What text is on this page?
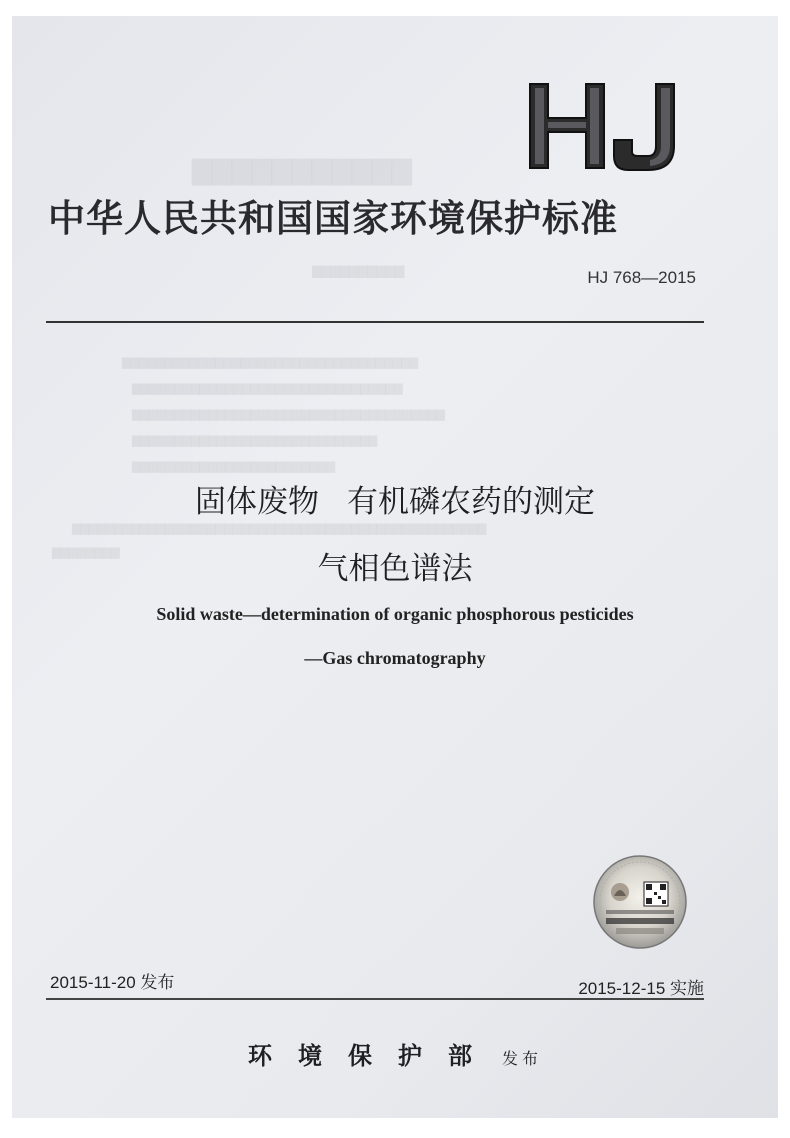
中华人民共和国国家环境保护标准
HJ 768—2015
▇▇▇▇▇▇▇▇▇▇▇
▇▇▇▇▇▇▇▇▇▇
▇▇▇▇▇▇▇▇▇▇▇▇▇▇▇▇▇▇▇▇▇▇▇▇▇▇▇▇▇▇▇▇▇▇▇
▇▇▇▇▇▇▇▇▇▇▇▇▇▇▇▇▇▇▇▇▇▇▇▇▇▇▇▇▇▇▇▇
▇▇▇▇▇▇▇▇▇▇▇▇▇▇▇▇▇▇▇▇▇▇▇▇▇▇▇▇▇▇▇▇▇▇▇▇▇
▇▇▇▇▇▇▇▇▇▇▇▇▇▇▇▇▇▇▇▇▇▇▇▇▇▇▇▇▇
▇▇▇▇▇▇▇▇▇▇▇▇▇▇▇▇▇▇▇▇▇▇▇▇
▇▇▇▇▇▇▇▇▇▇▇▇▇▇▇▇▇▇▇▇▇▇▇▇▇▇▇▇▇▇▇▇▇▇▇▇▇▇▇▇▇▇▇▇▇▇▇▇▇
▇▇▇▇▇▇▇▇
固体废物 有机磷农药的测定
气相色谱法
Solid waste—determination of organic phosphorous pesticides
—Gas chromatography
2015-11-20 发布	2015-12-15 实施
环境保护部 发布
